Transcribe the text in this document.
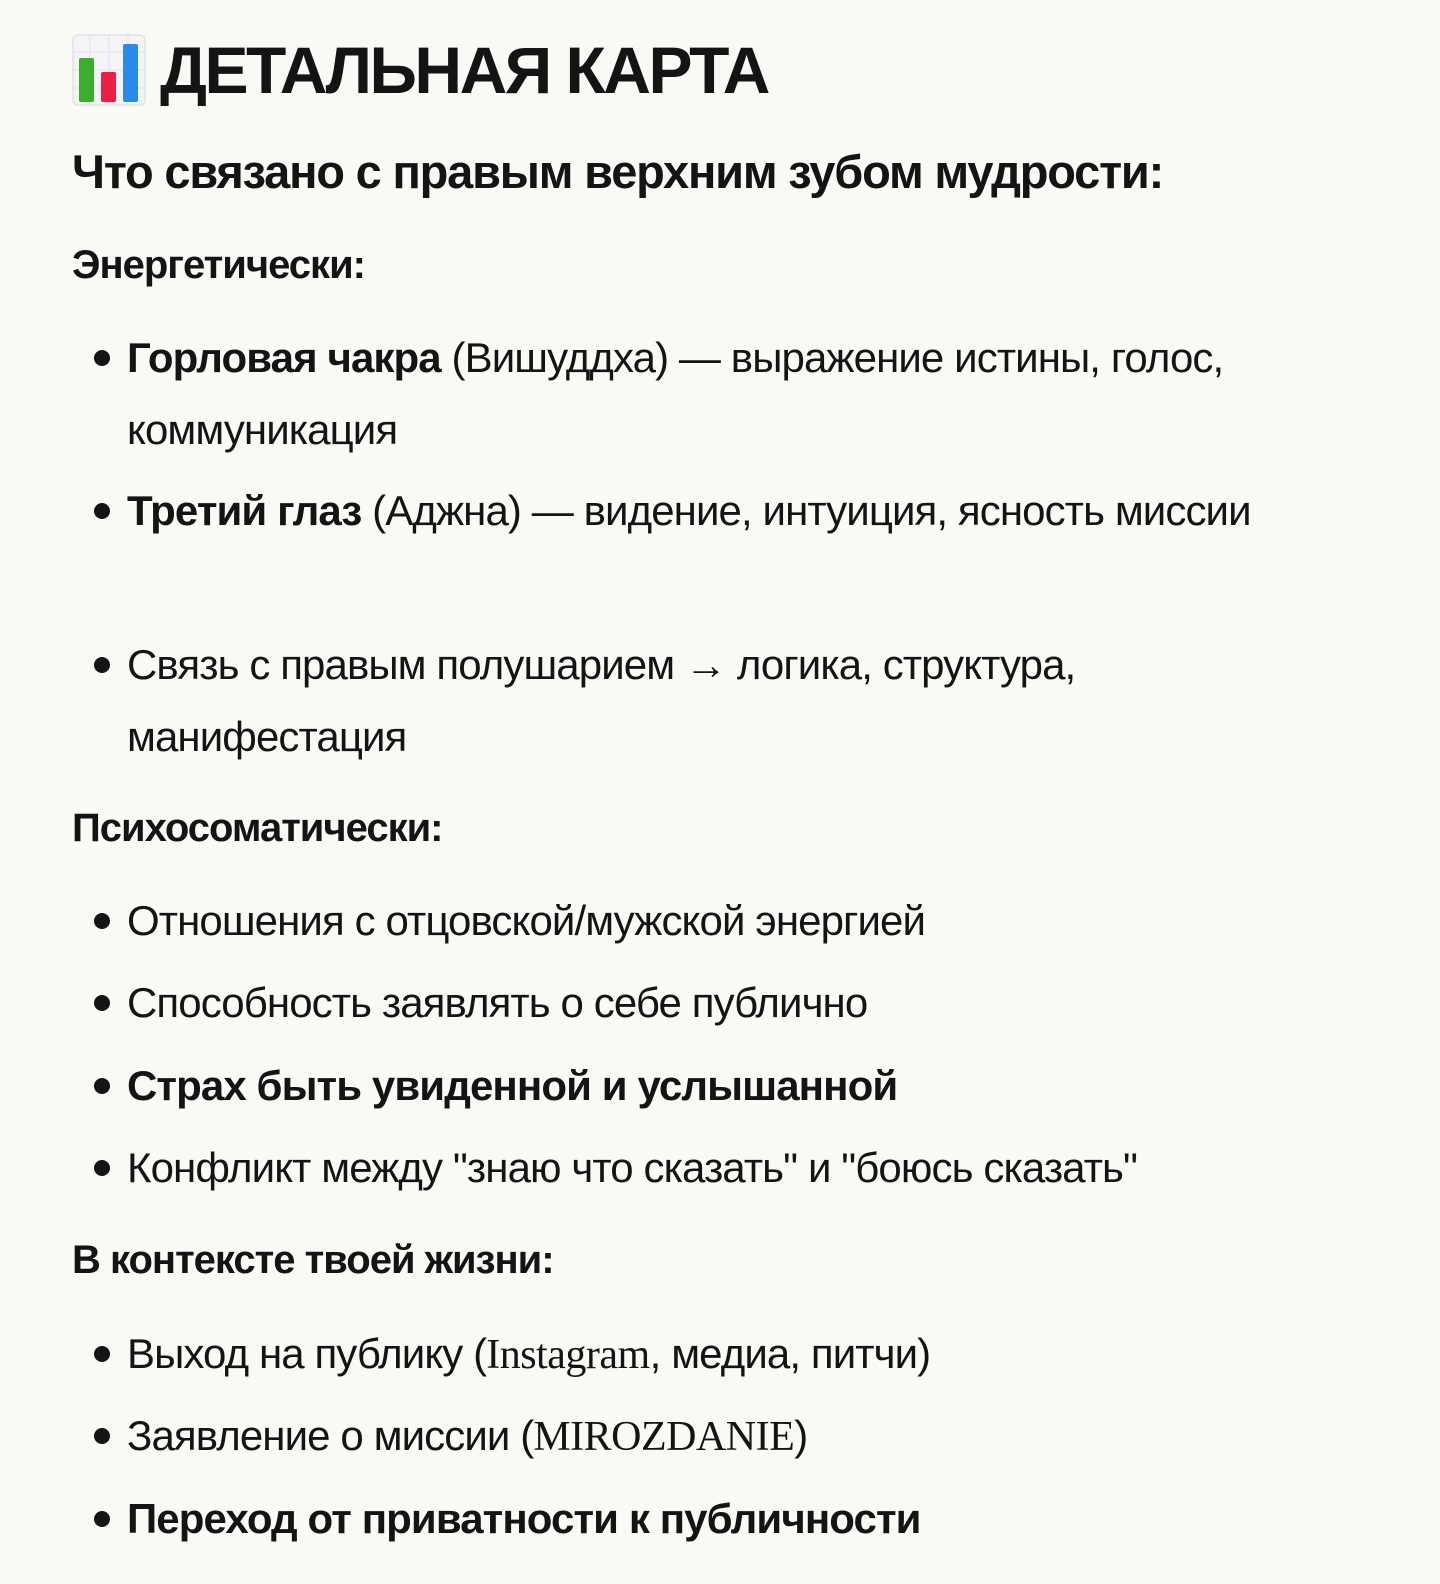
ДЕТАЛЬНАЯ КАРТА
Что связано с правым верхним зубом мудрости:
Энергетически:
Горловая чакра (Вишуддха) — выражение истины, голос, коммуникация
Третий глаз (Аджна) — видение, интуиция, ясность миссии
Связь с правым полушарием → логика, структура, манифестация
Психосоматически:
Отношения с отцовской/мужской энергией
Способность заявлять о себе публично
Страх быть увиденной и услышанной
Конфликт между "знаю что сказать" и "боюсь сказать"
В контексте твоей жизни:
Выход на публику (Instagram, медиа, питчи)
Заявление о миссии (MIROZDANIE)
Переход от приватности к публичности
